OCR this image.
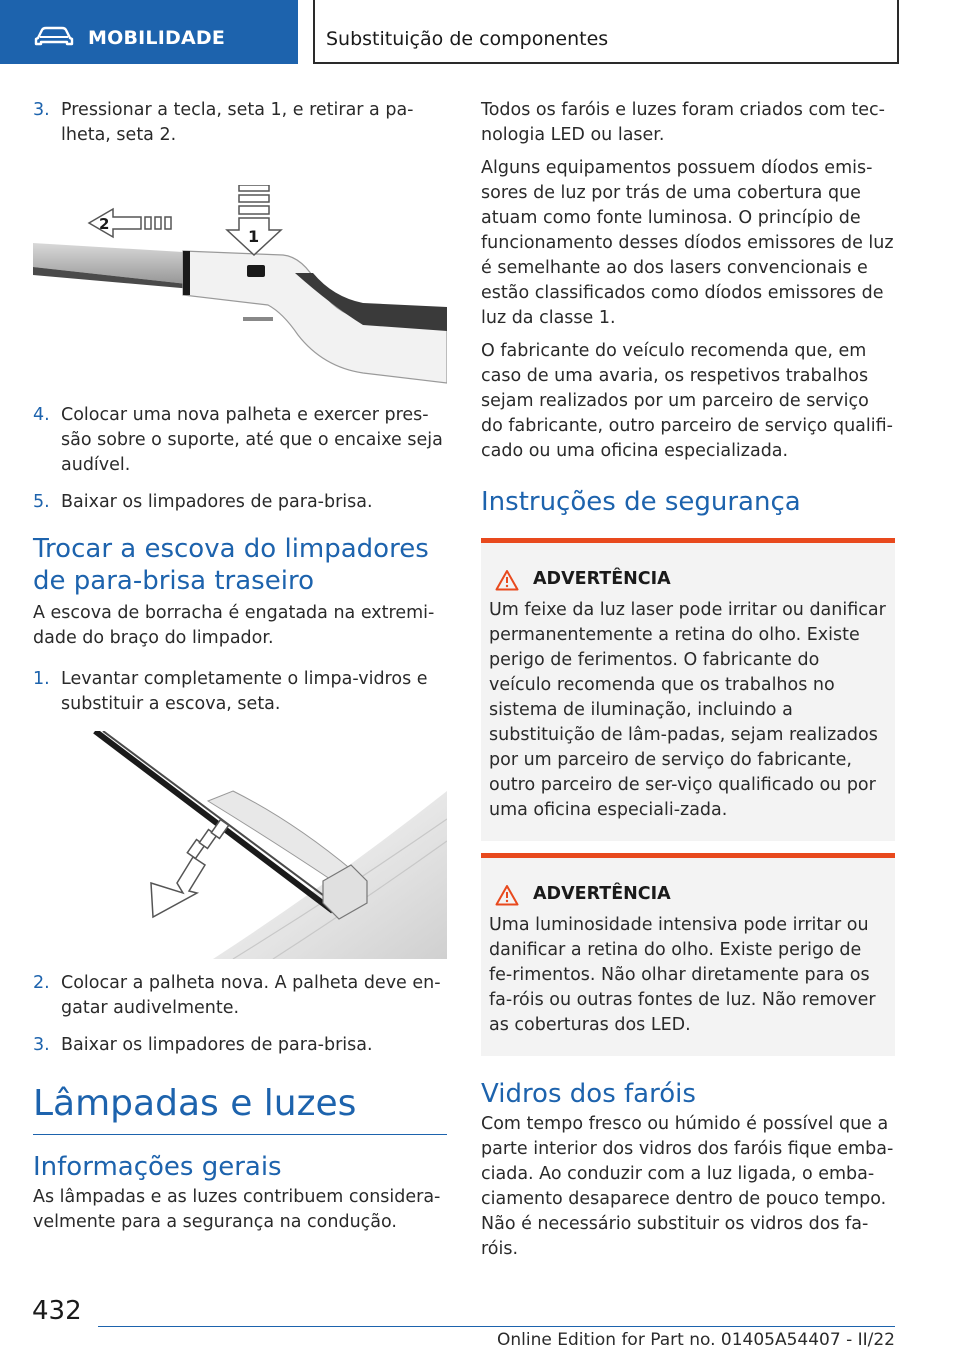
MOBILIDADE	Substituição de componentes
3. Pressionar a tecla, seta 1, e retirar a pa-lheta, seta 2.
1
2
4. Colocar uma nova palheta e exercer pres-são sobre o suporte, até que o encaixe seja audível.
5. Baixar os limpadores de para-brisa.
Trocar a escova do limpadores de para-brisa traseiro

A escova de borracha é engatada na extremi-dade do braço do limpador.

1. Levantar completamente o limpa-vidros e substituir a escova, seta.
2. Colocar a palheta nova. A palheta deve en-gatar audivelmente.
3. Baixar os limpadores de para-brisa.
Lâmpadas e luzes
Informações gerais

As lâmpadas e as luzes contribuem considera-velmente para a segurança na condução.

Todos os faróis e luzes foram criados com tec-nologia LED ou laser.

Alguns equipamentos possuem díodos emis-sores de luz por trás de uma cobertura que atuam como fonte luminosa. O princípio de funcionamento desses díodos emissores de luz é semelhante ao dos lasers convencionais e estão classificados como díodos emissores de luz da classe 1.

O fabricante do veículo recomenda que, em caso de uma avaria, os respetivos trabalhos sejam realizados por um parceiro de serviço do fabricante, outro parceiro de serviço qualifi-cado ou uma oficina especializada.

Instruções de segurança
ADVERTÊNCIA

Um feixe da luz laser pode irritar ou danificar permanentemente a retina do olho. Existe perigo de ferimentos. O fabricante do veículo recomenda que os trabalhos no sistema de iluminação, incluindo a substituição de lâm-padas, sejam realizados por um parceiro de serviço do fabricante, outro parceiro de ser-viço qualificado ou por uma oficina especiali-zada.

ADVERTÊNCIA

Uma luminosidade intensiva pode irritar ou danificar a retina do olho. Existe perigo de fe-rimentos. Não olhar diretamente para os fa-róis ou outras fontes de luz. Não remover as coberturas dos LED.

Vidros dos faróis

Com tempo fresco ou húmido é possível que a parte interior dos vidros dos faróis fique emba-ciada. Ao conduzir com a luz ligada, o emba-ciamento desaparece dentro de pouco tempo. Não é necessário substituir os vidros dos fa-róis.

432
Online Edition for Part no. 01405A54407 - II/22
